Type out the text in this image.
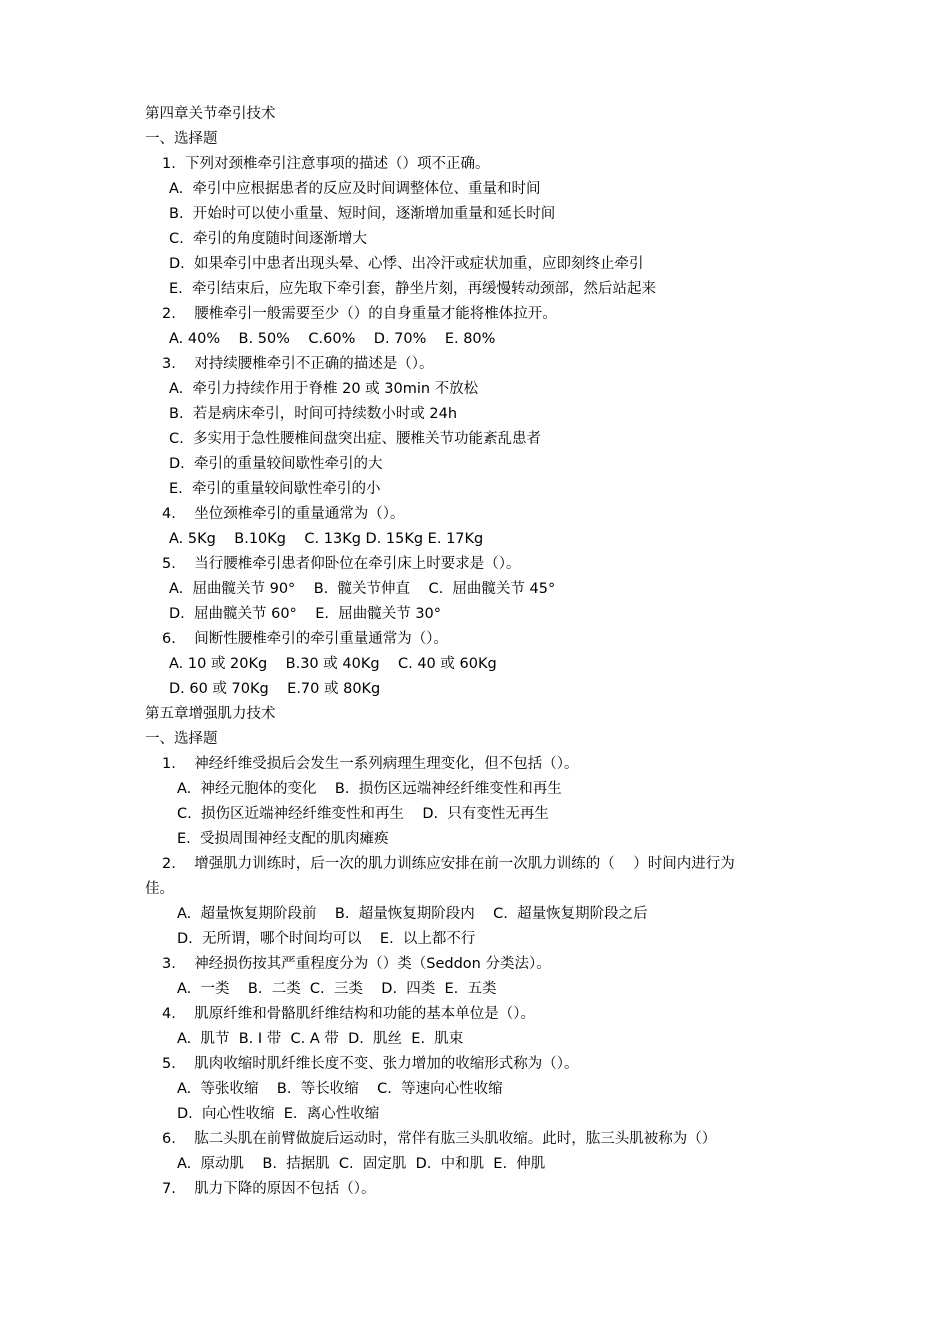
第四章关节牵引技术
一、选择题
1.  下列对颈椎牵引注意事项的描述（）项不正确。
A.  牵引中应根据患者的反应及时间调整体位、重量和时间
B.  开始时可以使小重量、短时间，逐渐增加重量和延长时间
C.  牵引的角度随时间逐渐增大
D.  如果牵引中患者出现头晕、心悸、出冷汗或症状加重，应即刻终止牵引
E.  牵引结束后，应先取下牵引套，静坐片刻，再缓慢转动颈部，然后站起来
2.    腰椎牵引一般需要至少（）的自身重量才能将椎体拉开。
A. 40%    B. 50%    C.60%    D. 70%    E. 80%
3.    对持续腰椎牵引不正确的描述是（）。
A.  牵引力持续作用于脊椎 20 或 30min 不放松
B.  若是病床牵引，时间可持续数小时或 24h
C.  多实用于急性腰椎间盘突出症、腰椎关节功能紊乱患者
D.  牵引的重量较间歇性牵引的大
E.  牵引的重量较间歇性牵引的小
4.    坐位颈椎牵引的重量通常为（）。
A. 5Kg    B.10Kg    C. 13Kg D. 15Kg E. 17Kg
5.    当行腰椎牵引患者仰卧位在牵引床上时要求是（）。
A.  屈曲髋关节 90°    B.  髋关节伸直    C.  屈曲髋关节 45°
D.  屈曲髋关节 60°    E.  屈曲髋关节 30°
6.    间断性腰椎牵引的牵引重量通常为（）。
A. 10 或 20Kg    B.30 或 40Kg    C. 40 或 60Kg
D. 60 或 70Kg    E.70 或 80Kg
第五章增强肌力技术
一、选择题
1.    神经纤维受损后会发生一系列病理生理变化，但不包括（）。
A.  神经元胞体的变化    B.  损伤区远端神经纤维变性和再生
C.  损伤区近端神经纤维变性和再生    D.  只有变性无再生
E.  受损周围神经支配的肌肉瘫痪
2.    增强肌力训练时，后一次的肌力训练应安排在前一次肌力训练的（    ）时间内进行为
佳。
A.  超量恢复期阶段前    B.  超量恢复期阶段内    C.  超量恢复期阶段之后
D.  无所谓，哪个时间均可以    E.  以上都不行
3.    神经损伤按其严重程度分为（）类（Seddon 分类法）。
A.  一类    B.  二类  C.  三类    D.  四类  E.  五类
4.    肌原纤维和骨骼肌纤维结构和功能的基本单位是（）。
A.  肌节  B. I 带  C. A 带  D.  肌丝  E.  肌束
5.    肌肉收缩时肌纤维长度不变、张力增加的收缩形式称为（）。
A.  等张收缩    B.  等长收缩    C.  等速向心性收缩
D.  向心性收缩  E.  离心性收缩
6.    肱二头肌在前臂做旋后运动时，常伴有肱三头肌收缩。此时，肱三头肌被称为（）
A.  原动肌    B.  拮据肌  C.  固定肌  D.  中和肌  E.  伸肌
7.    肌力下降的原因不包括（）。
